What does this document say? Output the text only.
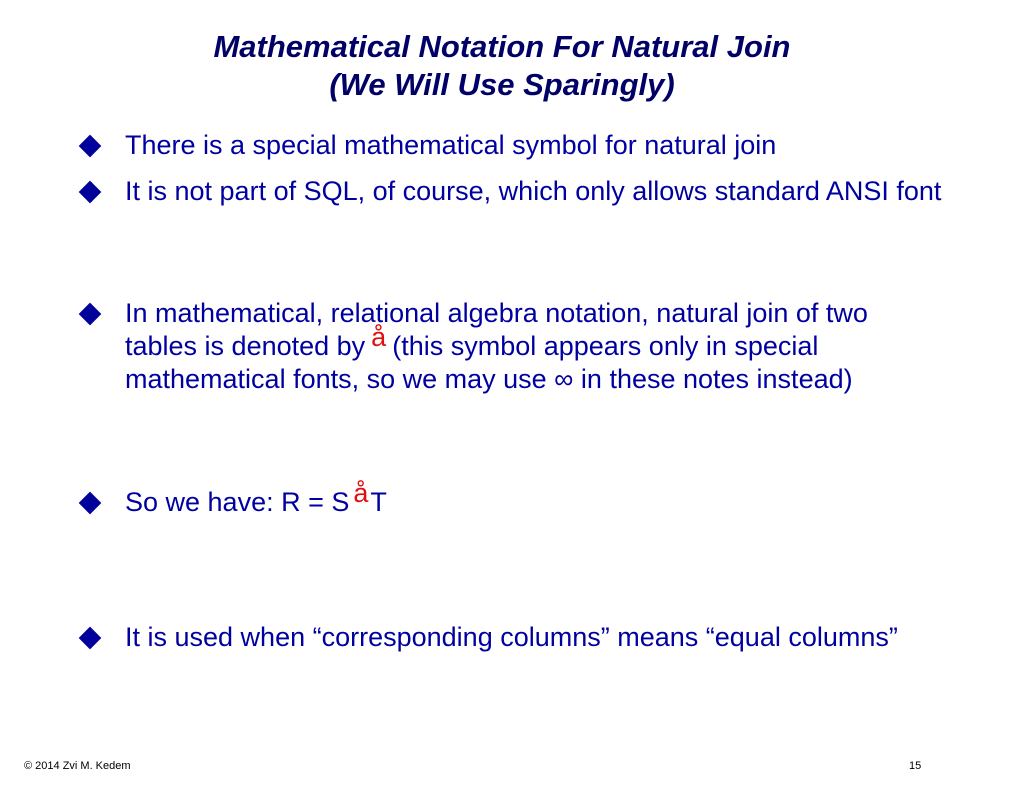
Mathematical Notation For Natural Join
(We Will Use Sparingly)
There is a special mathematical symbol for natural join
It is not part of SQL, of course, which only allows standard ANSI font
In mathematical, relational algebra notation, natural join of two tables is denoted by å (this symbol appears only in special mathematical fonts, so we may use ∞ in these notes instead)
So we have: R = S åT
It is used when “corresponding columns” means “equal columns”
© 2014 Zvi M. Kedem	15
